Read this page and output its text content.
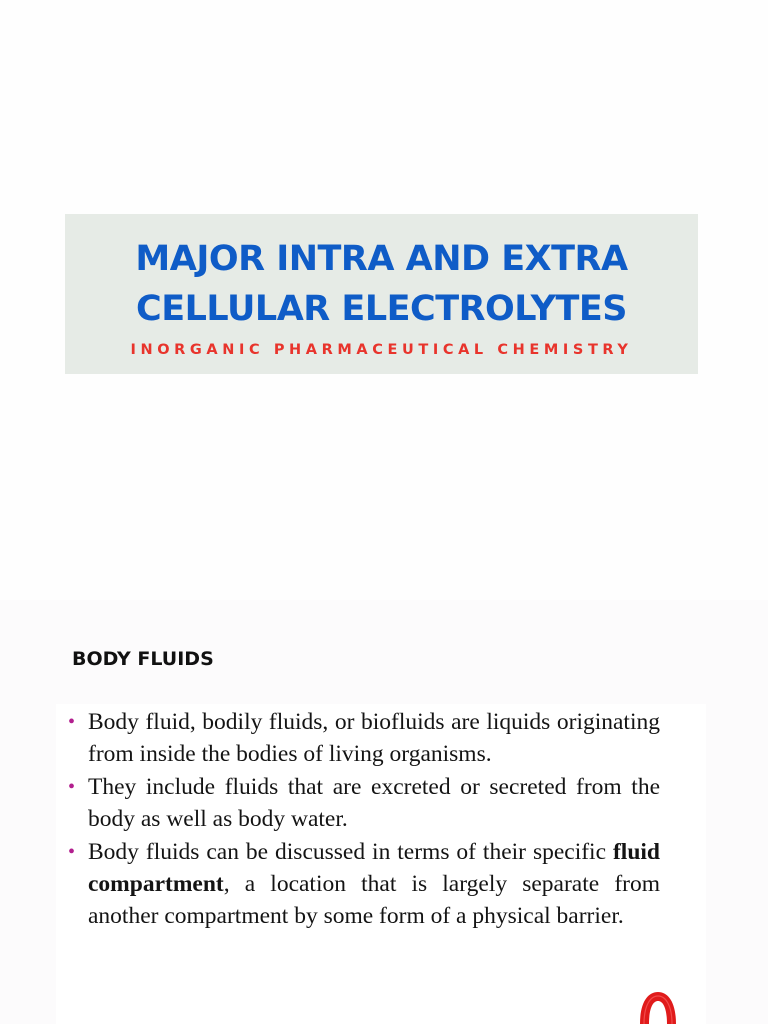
MAJOR INTRA AND EXTRA
CELLULAR ELECTROLYTES
INORGANIC PHARMACEUTICAL CHEMISTRY
BODY FLUIDS
• Body fluid, bodily fluids, or biofluids are liquids originating from inside the bodies of living organisms.
• They include fluids that are excreted or secreted from the body as well as body water.
• Body fluids can be discussed in terms of their specific fluid compartment, a location that is largely separate from another compartment by some form of a physical barrier.
